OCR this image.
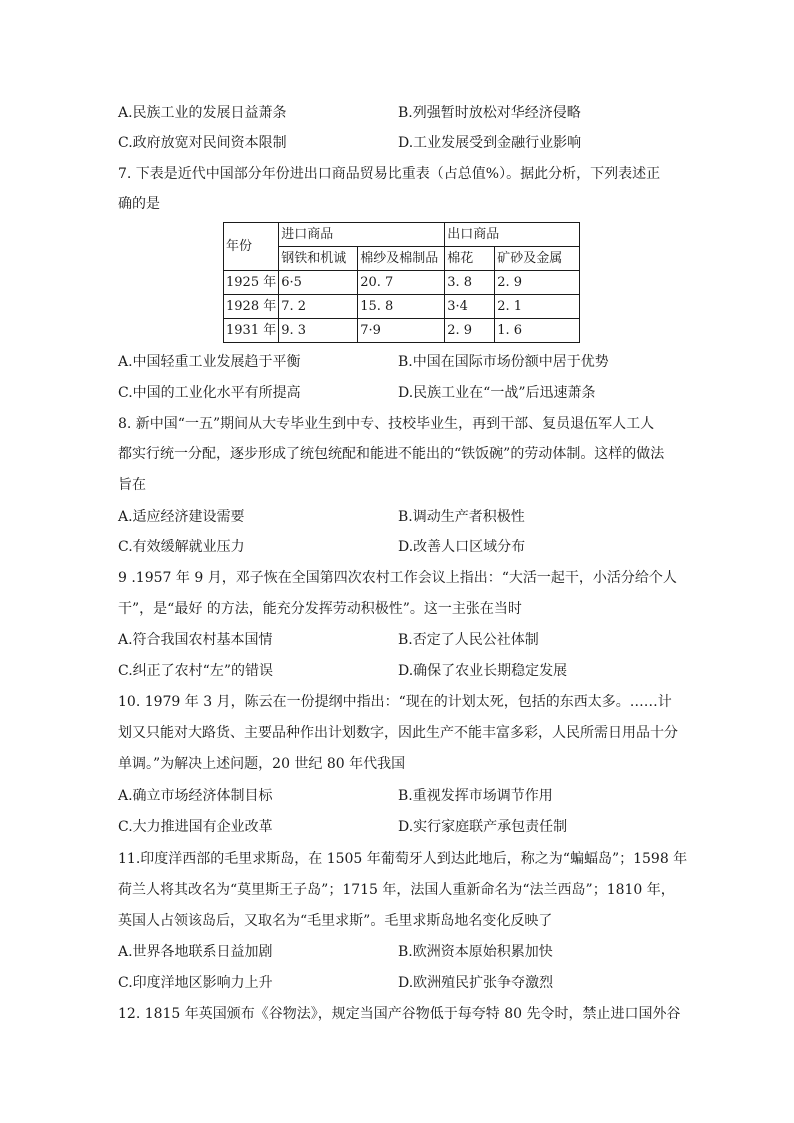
A.民族工业的发展日益萧条	B.列强暂时放松对华经济侵略
C.政府放宽对民间资本限制	D.工业发展受到金融行业影响
7. 下表是近代中国部分年份进出口商品贸易比重表（占总值%）。据此分析，下列表述正
确的是
年份	进口商品		出口商品	
	钢铁和机诚	棉纱及棉制品	棉花	矿砂及金属
1925 年	6·5	20. 7	3. 8	2. 9
1928 年	7. 2	15. 8	3·4	2. 1
1931 年	9. 3	7·9	2. 9	1. 6
A.中国轻重工业发展趋于平衡	B.中国在国际市场份额中居于优势
C.中国的工业化水平有所提高	D.民族工业在“一战”后迅速萧条
8. 新中国“一五”期间从大专毕业生到中专、技校毕业生，再到干部、复员退伍军人工人
都实行统一分配，逐步形成了统包统配和能进不能出的“铁饭碗”的劳动体制。这样的做法
旨在
A.适应经济建设需要	B.调动生产者积极性
C.有效缓解就业压力	D.改善人口区域分布
9 .1957 年 9 月，邓子恢在全国第四次农村工作会议上指出：“大活一起干，小活分给个人
干”，是“最好 的方法，能充分发挥劳动积极性”。这一主张在当时
A.符合我国农村基本国情	B.否定了人民公社体制
C.纠正了农村“左”的错误	D.确保了农业长期稳定发展
10. 1979 年 3 月，陈云在一份提纲中指出：“现在的计划太死，包括的东西太多。……计
划又只能对大路货、主要品种作出计划数字，因此生产不能丰富多彩，人民所需日用品十分
单调。”为解决上述问题，20 世纪 80 年代我国
A.确立市场经济体制目标	B.重视发挥市场调节作用
C.大力推进国有企业改革	D.实行家庭联产承包责任制
11.印度洋西部的毛里求斯岛，在 1505 年葡萄牙人到达此地后，称之为“蝙蝠岛”；1598 年
荷兰人将其改名为“莫里斯王子岛”；1715 年，法国人重新命名为“法兰西岛”；1810 年，
英国人占领该岛后，又取名为“毛里求斯”。毛里求斯岛地名变化反映了
A.世界各地联系日益加剧	B.欧洲资本原始积累加快
C.印度洋地区影响力上升	D.欧洲殖民扩张争夺激烈
12. 1815 年英国颁布《谷物法》，规定当国产谷物低于每夸特 80 先令时，禁止进口国外谷
